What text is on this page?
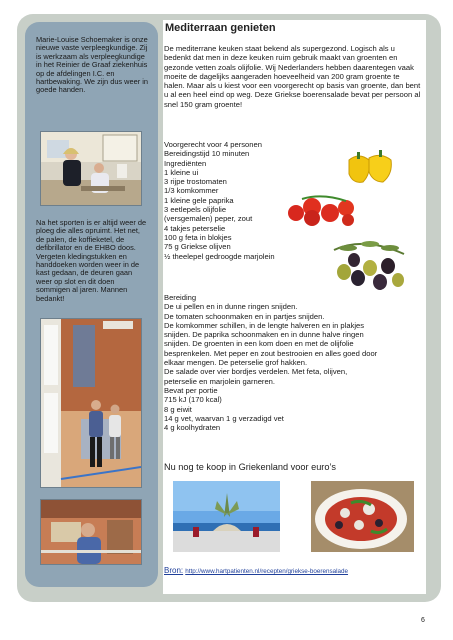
Marie-Louise Schoemaker is onze nieuwe vaste verpleegkundige. Zij is werkzaam als verpleegkundige in het Reinier de Graaf ziekenhuis op de afdelingen I.C. en hartbewaking. We zijn dus weer in goede handen.
Na het sporten is er altijd weer de ploeg die alles opruimt. Het net, de palen, de koffieketel, de defibrillator en de EHBO doos. Vergeten kledingstukken en handdoeken worden weer in de kast gedaan, de deuren gaan weer op slot en dit doen sommigen al jaren. Mannen bedankt!
Mediterraan genieten
De mediterrane keuken staat bekend als supergezond. Logisch als u bedenkt dat men in deze keuken ruim gebruik maakt van groenten en gezonde vetten zoals olijfolie. Wij Nederlanders hebben daarentegen vaak moeite de dagelijks aangeraden hoeveelheid van 200 gram groente te halen. Maar als u kiest voor een voorgerecht op basis van groente, dan bent u al een heel eind op weg. Deze Griekse boerensalade bevat per persoon al snel 150 gram groente!
Voorgerecht voor 4 personen
Bereidingstijd 10 minuten
Ingrediënten
1 kleine ui
3 rijpe trostomaten
1/3 komkommer
1 kleine gele paprika
3 eetlepels olijfolie
(versgemalen) peper, zout
4 takjes peterselie
100 g feta in blokjes
75 g Griekse olijven
½ theelepel gedroogde marjolein
Bereiding
De ui pellen en in dunne ringen snijden.
De tomaten schoonmaken en in partjes snijden.
De komkommer schillen, in de lengte halveren en in plakjes
snijden. De paprika schoonmaken en in dunne halve ringen
snijden. De groenten in een kom doen en met de olijfolie
besprenkelen. Met peper en zout bestrooien en alles goed door
elkaar mengen. De peterselie grof hakken.
De salade over vier bordjes verdelen. Met feta, olijven,
peterselie en marjolein garneren.
Bevat per portie
715 kJ (170 kcal)
8 g eiwit
14 g vet, waarvan 1 g verzadigd vet
4 g koolhydraten
Nu nog te koop in Griekenland voor euro’s
Bron: http://www.hartpatienten.nl/recepten/griekse-boerensalade
6
